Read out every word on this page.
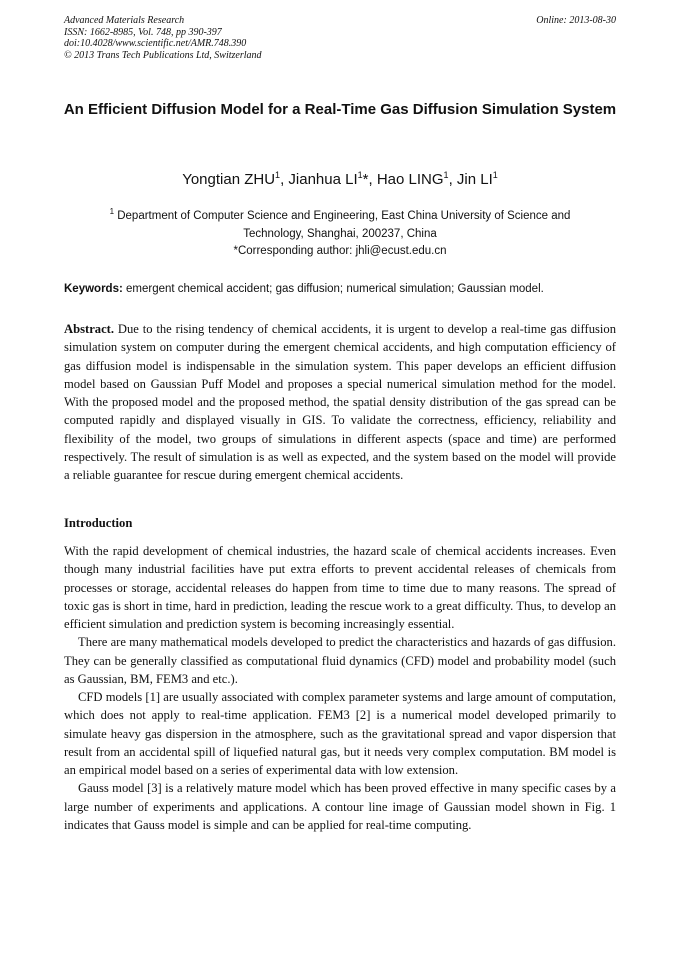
Advanced Materials Research
ISSN: 1662-8985, Vol. 748, pp 390-397
doi:10.4028/www.scientific.net/AMR.748.390
© 2013 Trans Tech Publications Ltd, Switzerland
Online: 2013-08-30
An Efficient Diffusion Model for a Real-Time Gas Diffusion Simulation System
Yongtian ZHU$^1$, Jianhua $LI^1*$, Hao LING$^1$, Jin $LI^1$
$^1$ Department of Computer Science and Engineering, East China University of Science and Technology, Shanghai, 200237, China
*Corresponding author: jhli@ecust.edu.cn
Keywords: emergent chemical accident; gas diffusion; numerical simulation; Gaussian model.

Abstract. Due to the rising tendency of chemical accidents, it is urgent to develop a real-time gas diffusion simulation system on computer during the emergent chemical accidents, and high computation efficiency of gas diffusion model is indispensable in the simulation system. This paper develops an efficient diffusion model based on Gaussian Puff Model and proposes a special numerical simulation method for the model. With the proposed model and the proposed method, the spatial density distribution of the gas spread can be computed rapidly and displayed visually in GIS. To validate the correctness, efficiency, reliability and flexibility of the model, two groups of simulations in different aspects (space and time) are performed respectively. The result of simulation is as well as expected, and the system based on the model will provide a reliable guarantee for rescue during emergent chemical accidents.

Introduction

With the rapid development of chemical industries, the hazard scale of chemical accidents increases. Even though many industrial facilities have put extra efforts to prevent accidental releases of chemicals from processes or storage, accidental releases do happen from time to time due to many reasons. The spread of toxic gas is short in time, hard in prediction, leading the rescue work to a great difficulty. Thus, to develop an efficient simulation and prediction system is becoming increasingly essential.

There are many mathematical models developed to predict the characteristics and hazards of gas diffusion. They can be generally classified as computational fluid dynamics (CFD) model and probability model (such as Gaussian, BM, FEM3 and etc.).

CFD models [1] are usually associated with complex parameter systems and large amount of computation, which does not apply to real-time application. FEM3 [2] is a numerical model developed primarily to simulate heavy gas dispersion in the atmosphere, such as the gravitational spread and vapor dispersion that result from an accidental spill of liquefied natural gas, but it needs very complex computation. BM model is an empirical model based on a series of experimental data with low extension.

Gauss model [3] is a relatively mature model which has been proved effective in many specific cases by a large number of experiments and applications. A contour line image of Gaussian model shown in Fig. 1 indicates that Gauss model is simple and can be applied for real-time computing.
